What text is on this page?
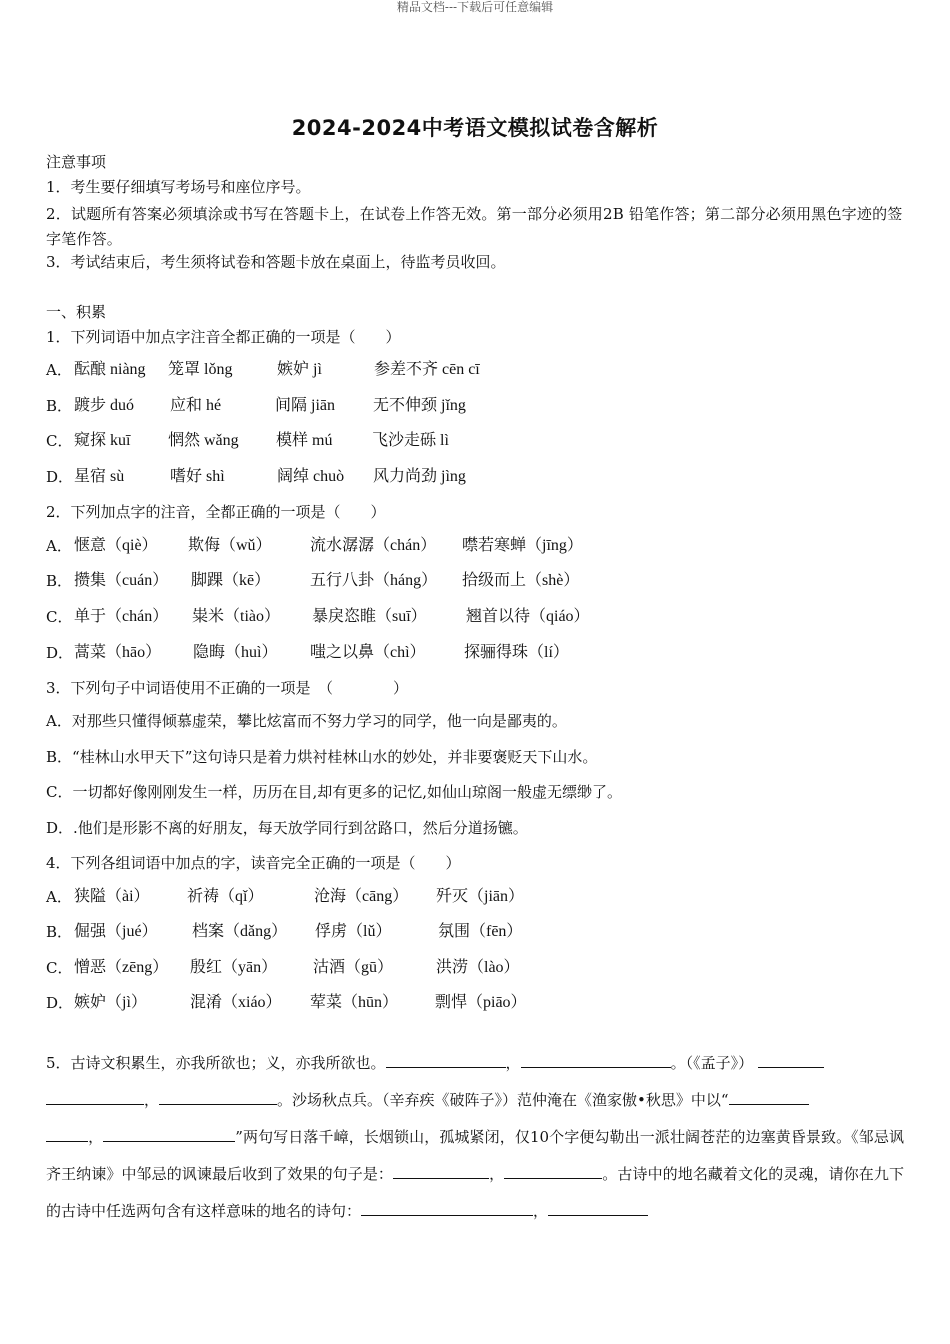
精品文档---下载后可任意编辑
2024-2024中考语文模拟试卷含解析
注意事项
1．考生要仔细填写考场号和座位序号。
2．试题所有答案必须填涂或书写在答题卡上，在试卷上作答无效。第一部分必须用2B 铅笔作答；第二部分必须用黑色字迹的签字笔作答。
3．考试结束后，考生须将试卷和答题卡放在桌面上，待监考员收回。
一、积累
1．下列词语中加点字注音全都正确的一项是（　　）
A． 酝酿 niàng 笼罩 lǒng	嫉妒 jì	参差不齐 cēn cī
B． 踱步 duó 应和 hé	间隔 jiān 无不伸颈 jǐng
C． 窥探 kuī 惘然 wǎng 模样 mú 飞沙走砾 lì
D． 星宿 sù	嗜好 shì	阔绰 chuò 风力尚劲 jìng
2．下列加点字的注音，全都正确的一项是（　　）
A． 惬意（qiè） 欺侮（wǔ） 流水潺潺（chán） 噤若寒蝉（jīng）
B． 攒集（cuán） 脚踝（kē） 五行八卦（háng） 拾级而上（shè）
C． 单于（chán） 粜米（tiào） 暴戾恣睢（suī） 翘首以待（qiáo）
D． 蒿菜（hāo） 隐晦（huì） 嗤之以鼻（chì） 探骊得珠（lí）
3．下列句子中词语使用不正确的一项是　（　　　　）
A．对那些只懂得倾慕虚荣，攀比炫富而不努力学习的同学，他一向是鄙夷的。
B．“桂林山水甲天下”这句诗只是着力烘衬桂林山水的妙处，并非要褒贬天下山水。
C．一切都好像刚刚发生一样，历历在目,却有更多的记忆,如仙山琼阁一般虚无缥缈了。
D．.他们是形影不离的好朋友，每天放学同行到岔路口，然后分道扬镳。
4．下列各组词语中加点的字，读音完全正确的一项是（　　）
A． 狭隘（ài） 祈祷（qǐ）	沧海（cāng） 歼灭（jiān）
B． 倔强（jué） 档案（dǎng） 俘虏（lǔ）	氛围（fēn）
C． 憎恶（zēng） 殷红（yān） 沽酒（gū）	洪涝（lào）
D． 嫉妒（jì）	混淆（xiáo） 荤菜（hūn） 剽悍（piāo）
5．古诗文积累生，亦我所欲也；义，亦我所欲也。	，	。（《孟子》）
，	。沙场秋点兵。（辛弃疾《破阵子》）范仲淹在《渔家傲•秋思》中以“
，	”两句写日落千嶂，长烟锁山，孤城紧闭，仅10个字便勾勒出一派壮阔苍茫的边塞黄昏景致。《邹忌讽齐王纳谏》中邹忌的讽谏最后收到了效果的句子是：	，	。古诗中的地名藏着文化的灵魂，请你在九下的古诗中任选两句含有这样意味的地名的诗句：	，
